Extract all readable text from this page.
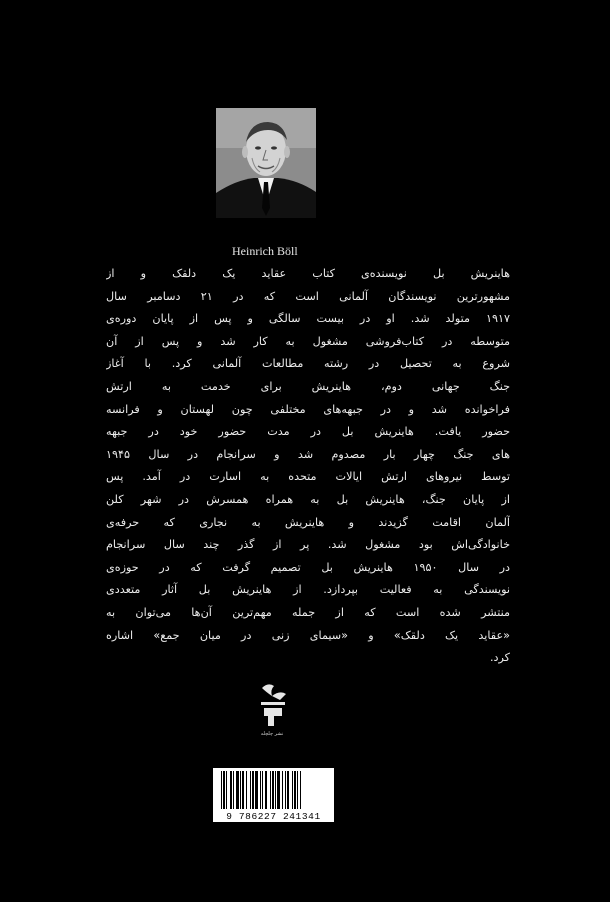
Heinrich Böll
هاینریش بل نویسنده‌ی کتاب عقاید یک دلقک و از
مشهورترین نویسندگان آلمانی است که در ۲۱ دسامبر سال
۱۹۱۷ متولد شد. او در بیست سالگی و پس از پایان دوره‌ی
متوسطه در کتاب‌فروشی مشغول به کار شد و پس از آن
شروع به تحصیل در رشته مطالعات آلمانی کرد. با آغاز
جنگ جهانی دوم، هاینریش برای خدمت به ارتش
فراخوانده شد و در جبهه‌های مختلفی چون لهستان و فرانسه
حضور یافت. هاینریش بل در مدت حضور خود در جبهه
های جنگ چهار بار مصدوم شد و سرانجام در سال ۱۹۴۵
توسط نیروهای ارتش ایالات متحده به اسارت در آمد. پس
از پایان جنگ، هاینریش بل به همراه همسرش در شهر کلن
آلمان اقامت گزیدند و هاینریش به نجاری که حرفه‌ی
خانوادگی‌اش بود مشغول شد. پر از گذر چند سال سرانجام
در سال ۱۹۵۰ هاینریش بل تصمیم گرفت که در حوزه‌ی
نویسندگی به فعالیت بپردازد. از هاینریش بل آثار متعددی
منتشر شده است که از جمله مهم‌ترین آن‌ها می‌توان به
«عقاید یک دلقک» و «سیمای زنی در میان جمع» اشاره
کرد.
نشر چلچله
9 786227 241341
